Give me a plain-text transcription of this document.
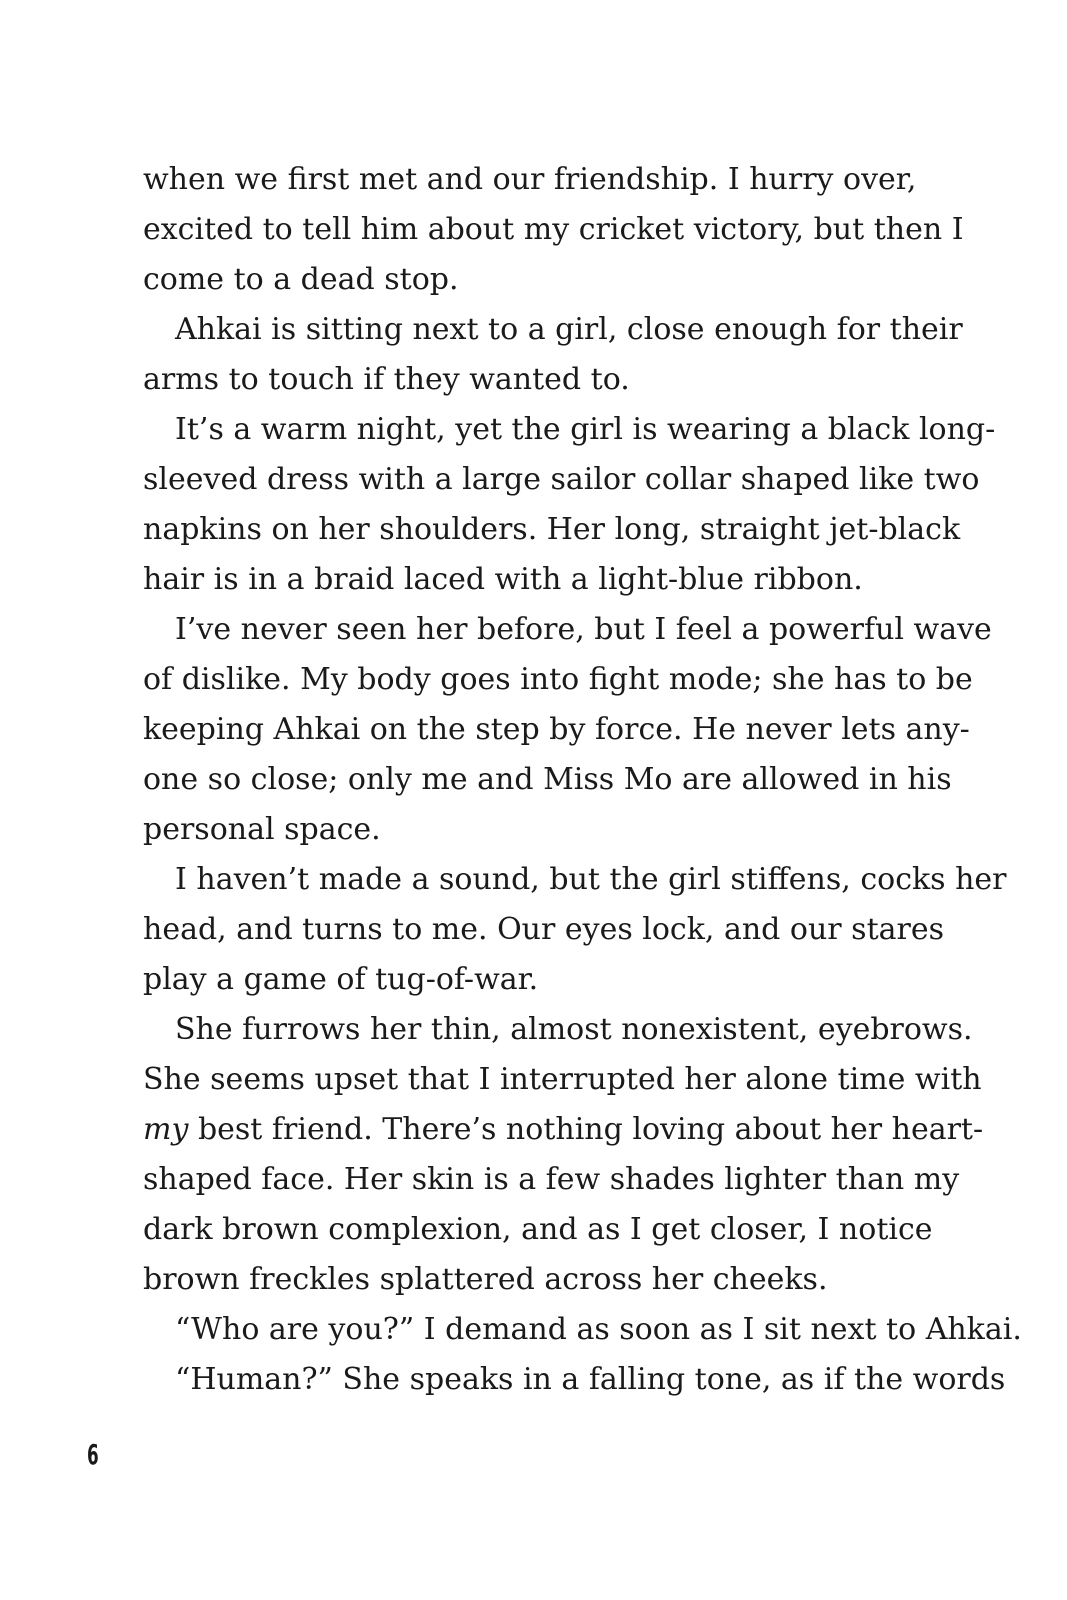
when we first met and our friendship. I hurry over,
excited to tell him about my cricket victory, but then I
come to a dead stop.
Ahkai is sitting next to a girl, close enough for their
arms to touch if they wanted to.
It’s a warm night, yet the girl is wearing a black long-
sleeved dress with a large sailor collar shaped like two
napkins on her shoulders. Her long, straight jet-black
hair is in a braid laced with a light-blue ribbon.
I’ve never seen her before, but I feel a powerful wave
of dislike. My body goes into fight mode; she has to be
keeping Ahkai on the step by force. He never lets any-
one so close; only me and Miss Mo are allowed in his
personal space.
I haven’t made a sound, but the girl stiffens, cocks her
head, and turns to me. Our eyes lock, and our stares
play a game of tug-of-war.
She furrows her thin, almost nonexistent, eyebrows.
She seems upset that I interrupted her alone time with
my best friend. There’s nothing loving about her heart-
shaped face. Her skin is a few shades lighter than my
dark brown complexion, and as I get closer, I notice
brown freckles splattered across her cheeks.
“Who are you?” I demand as soon as I sit next to Ahkai.
“Human?” She speaks in a falling tone, as if the words
6
